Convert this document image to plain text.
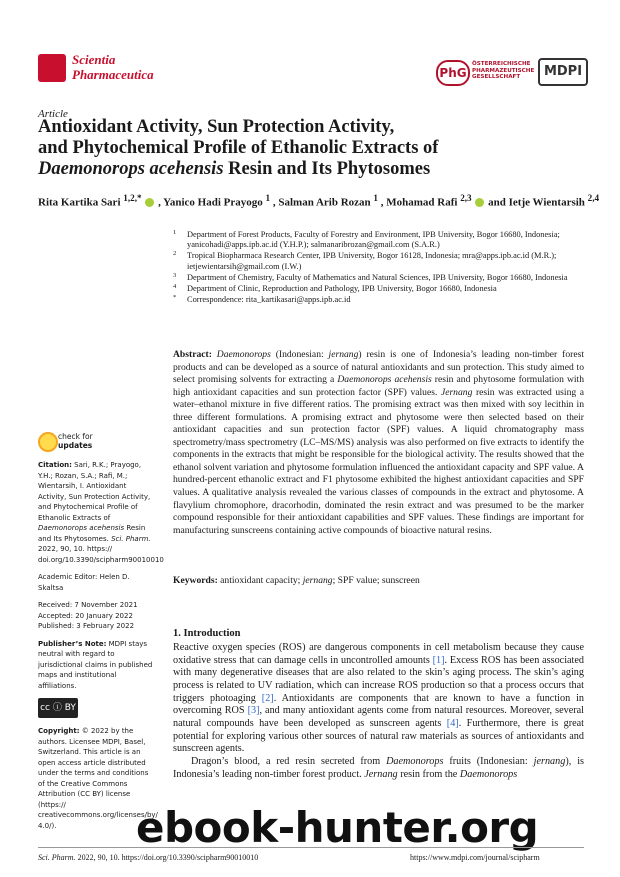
Scientia
Pharmaceutica	PhG
ÖSTERREICHISCHE PHARMAZEUTISCHE GESELLSCHAFT	MDPI
Article
Antioxidant Activity, Sun Protection Activity,
and Phytochemical Profile of Ethanolic Extracts of
Daemonorops acehensis Resin and Its Phytosomes
Rita Kartika Sari $^{1,2,*}$ , Yanico Hadi Prayogo $^1$ , Salman Arib Rozan $^1$ , Mohamad Rafi $^{2,3}$  and Ietje Wientarsih $^{2,4}$
1 Department of Forest Products, Faculty of Forestry and Environment, IPB University, Bogor 16680, Indonesia; yanicohadi@apps.ipb.ac.id (Y.H.P.); salmanaribrozan@gmail.com (S.A.R.)
2 Tropical Biopharmaca Research Center, IPB University, Bogor 16128, Indonesia; mra@apps.ipb.ac.id (M.R.); ietjewientarsih@gmail.com (I.W.)
3 Department of Chemistry, Faculty of Mathematics and Natural Sciences, IPB University, Bogor 16680, Indonesia
4 Department of Clinic, Reproduction and Pathology, IPB University, Bogor 16680, Indonesia
* Correspondence: rita_kartikasari@apps.ipb.ac.id
Abstract: Daemonorops (Indonesian: jernang) resin is one of Indonesia’s leading non-timber forest products and can be developed as a source of natural antioxidants and sun protection. This study aimed to select promising solvents for extracting a Daemonorops acehensis resin and phytosome formulation with high antioxidant capacities and sun protection factor (SPF) values. Jernang resin was extracted using a water–ethanol mixture in five different ratios. The promising extract was then mixed with soy lecithin in three different formulations. A promising extract and phytosome were then selected based on their antioxidant capacities and sun protection factor (SPF) values. A liquid chromatography mass spectrometry/mass spectrometry (LC–MS/MS) analysis was also performed on five extracts to identify the components in the extracts that might be responsible for the biological activity. The results showed that the ethanol solvent variation and phytosome formulation influenced the antioxidant capacity and SPF value. A hundred-percent ethanolic extract and F1 phytosome exhibited the highest antioxidant capacities and SPF values. A qualitative analysis revealed the various classes of compounds in the extract and phytosome. A flavylium chromophore, dracorhodin, dominated the resin extract and was presumed to be the marker compound responsible for their antioxidant capabilities and SPF values. These findings are important for manufacturing sunscreens containing active compounds of bioactive natural resins.
Keywords: antioxidant capacity; jernang; SPF value; sunscreen
check for
updates
Citation: Sari, R.K.; Prayogo, Y.H.; Rozan, S.A.; Rafi, M.; Wientarsih, I. Antioxidant Activity, Sun Protection Activity, and Phytochemical Profile of Ethanolic Extracts of Daemonorops acehensis Resin and Its Phytosomes. Sci. Pharm. 2022, 90, 10. https:// doi.org/10.3390/scipharm90010010
Academic Editor: Helen D. Skaltsa
Received: 7 November 2021
Accepted: 20 January 2022
Published: 3 February 2022
Publisher’s Note: MDPI stays neutral with regard to jurisdictional claims in published maps and institutional affiliations.
cc ⓘ BY
Copyright: © 2022 by the authors. Licensee MDPI, Basel, Switzerland. This article is an open access article distributed under the terms and conditions of the Creative Commons Attribution (CC BY) license (https:// creativecommons.org/licenses/by/ 4.0/).
1. Introduction

Reactive oxygen species (ROS) are dangerous components in cell metabolism because they cause oxidative stress that can damage cells in uncontrolled amounts [1]. Excess ROS has been associated with many degenerative diseases that are also related to the skin’s aging process. The skin’s aging process is related to UV radiation, which can increase ROS production so that a process occurs that triggers photoaging [2]. Antioxidants are components that are known to have a function in overcoming ROS [3], and many antioxidant agents come from natural resources. Moreover, several natural compounds have been developed as sunscreen agents [4]. Furthermore, there is great potential for exploring various other sources of natural raw materials as sources of antioxidants and sunscreen agents.

Dragon’s blood, a red resin secreted from Daemonorops fruits (Indonesian: jernang), is Indonesia’s leading non-timber forest product. Jernang resin from the Daemonorops

ebook-hunter.org
Sci. Pharm. 2022, 90, 10. https://doi.org/10.3390/scipharm90010010	https://www.mdpi.com/journal/scipharm
